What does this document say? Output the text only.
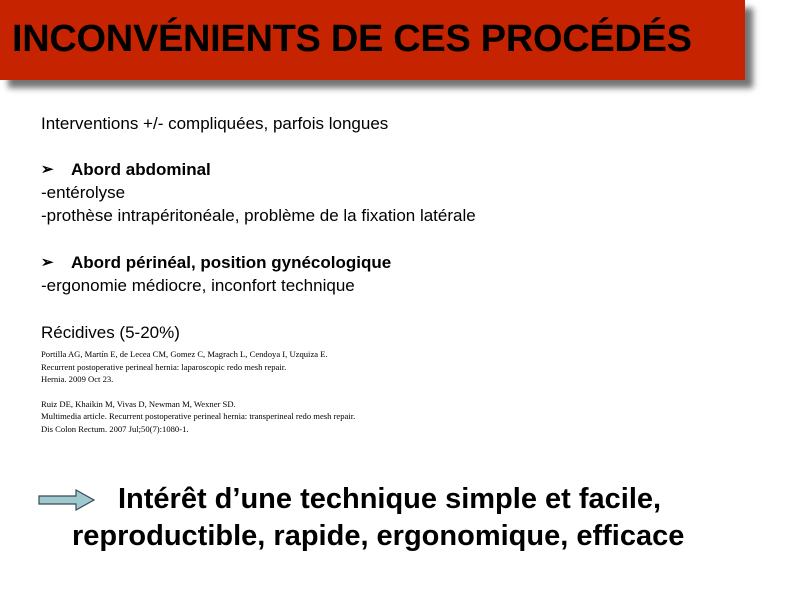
INCONVÉNIENTS DE CES PROCÉDÉS
Interventions +/- compliquées, parfois longues
➢ Abord abdominal
-entérolyse
-prothèse intrapéritonéale, problème de la fixation latérale
➢ Abord périnéal, position gynécologique
-ergonomie médiocre, inconfort technique
Récidives (5-20%)
Portilla AG, Martín E, de Lecea CM, Gomez C, Magrach L, Cendoya I, Uzquiza E.
Recurrent postoperative perineal hernia: laparoscopic redo mesh repair.
Hernia. 2009 Oct 23.
Ruiz DE, Khaikin M, Vivas D, Newman M, Wexner SD.
Multimedia article. Recurrent postoperative perineal hernia: transperineal redo mesh repair.
Dis Colon Rectum. 2007 Jul;50(7):1080-1.
Intérêt d’une technique simple et facile,
reproductible, rapide, ergonomique, efficace
